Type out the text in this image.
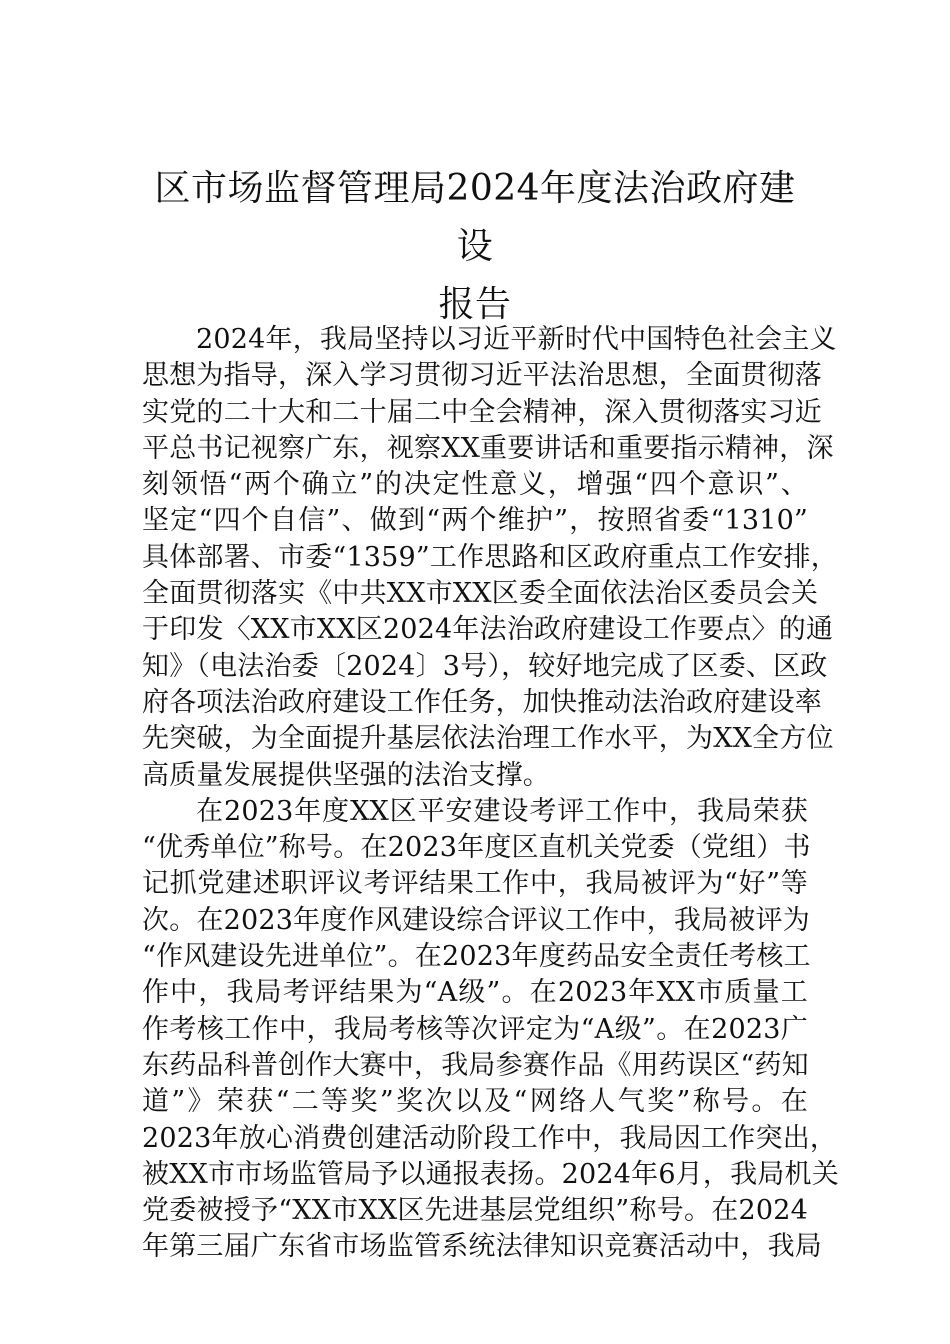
区市场监督管理局2024年度法治政府建设
报告

2024年，我局坚持以习近平新时代中国特色社会主义
思想为指导，深入学习贯彻习近平法治思想，全面贯彻落
实党的二十大和二十届二中全会精神，深入贯彻落实习近
平总书记视察广东，视察XX重要讲话和重要指示精神，深
刻领悟“两个确立”的决定性意义，增强“四个意识”、
坚定“四个自信”、做到“两个维护”，按照省委“1310”
具体部署、市委“1359”工作思路和区政府重点工作安排，
全面贯彻落实《中共XX市XX区委全面依法治区委员会关
于印发〈XX市XX区2024年法治政府建设工作要点〉的通
知》（电法治委〔2024〕3号），较好地完成了区委、区政
府各项法治政府建设工作任务，加快推动法治政府建设率
先突破，为全面提升基层依法治理工作水平，为XX全方位
高质量发展提供坚强的法治支撑。

在2023年度XX区平安建设考评工作中，我局荣获
“优秀单位”称号。在2023年度区直机关党委（党组）书
记抓党建述职评议考评结果工作中，我局被评为“好”等
次。在2023年度作风建设综合评议工作中，我局被评为
“作风建设先进单位”。在2023年度药品安全责任考核工
作中，我局考评结果为“A级”。在2023年XX市质量工
作考核工作中，我局考核等次评定为“A级”。在2023广
东药品科普创作大赛中，我局参赛作品《用药误区“药知
道”》荣获“二等奖”奖次以及“网络人气奖”称号。在
2023年放心消费创建活动阶段工作中，我局因工作突出，
被XX市市场监管局予以通报表扬。2024年6月，我局机关
党委被授予“XX市XX区先进基层党组织”称号。在2024
年第三届广东省市场监管系统法律知识竞赛活动中，我局
